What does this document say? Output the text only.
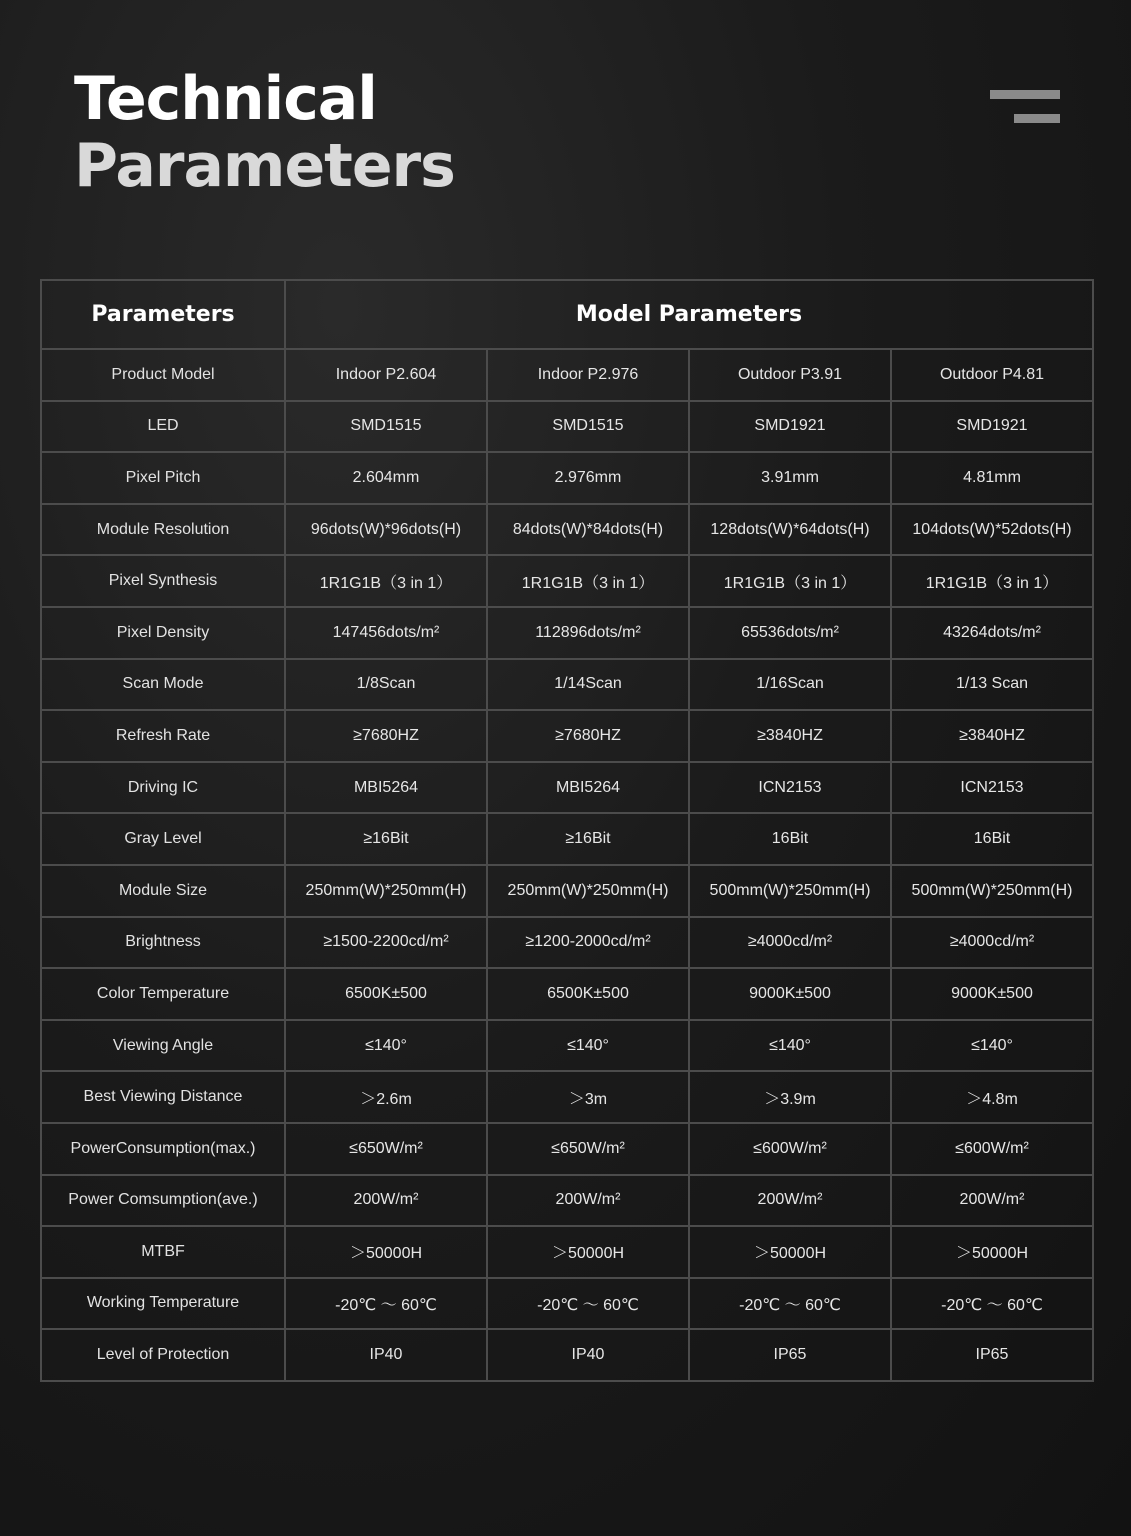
Technical
Parameters
Parameters	Model Parameters			
Product Model	Indoor P2.604	Indoor P2.976	Outdoor P3.91	Outdoor P4.81
LED	SMD1515	SMD1515	SMD1921	SMD1921
Pixel Pitch	2.604mm	2.976mm	3.91mm	4.81mm
Module Resolution	96dots(W)*96dots(H)	84dots(W)*84dots(H)	128dots(W)*64dots(H)	104dots(W)*52dots(H)
Pixel Synthesis	1R1G1B（3 in 1）	1R1G1B（3 in 1）	1R1G1B（3 in 1）	1R1G1B（3 in 1）
Pixel Density	147456dots/m²	112896dots/m²	65536dots/m²	43264dots/m²
Scan Mode	1/8Scan	1/14Scan	1/16Scan	1/13 Scan
Refresh Rate	≥7680HZ	≥7680HZ	≥3840HZ	≥3840HZ
Driving IC	MBI5264	MBI5264	ICN2153	ICN2153
Gray Level	≥16Bit	≥16Bit	16Bit	16Bit
Module Size	250mm(W)*250mm(H)	250mm(W)*250mm(H)	500mm(W)*250mm(H)	500mm(W)*250mm(H)
Brightness	≥1500-2200cd/m²	≥1200-2000cd/m²	≥4000cd/m²	≥4000cd/m²
Color Temperature	6500K±500	6500K±500	9000K±500	9000K±500
Viewing Angle	≤140°	≤140°	≤140°	≤140°
Best Viewing Distance	＞2.6m	＞3m	＞3.9m	＞4.8m
PowerConsumption(max.)	≤650W/m²	≤650W/m²	≤600W/m²	≤600W/m²
Power Comsumption(ave.)	200W/m²	200W/m²	200W/m²	200W/m²
MTBF	＞50000H	＞50000H	＞50000H	＞50000H
Working Temperature	-20℃ ～ 60℃	-20℃ ～ 60℃	-20℃ ～ 60℃	-20℃ ～ 60℃
Level of Protection	IP40	IP40	IP65	IP65
